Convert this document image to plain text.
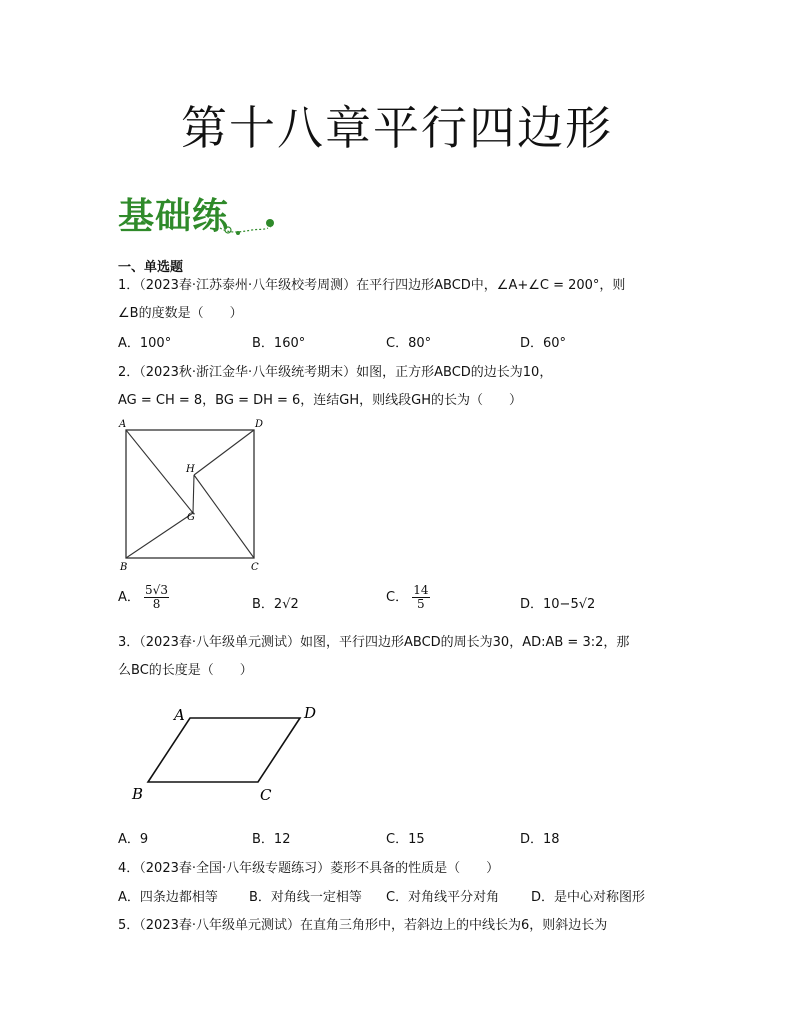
第十八章平行四边形
基础练
一、单选题
1．（2023春·江苏泰州·八年级校考周测）在平行四边形ABCD中，∠A+∠C = 200°，则
∠B的度数是（　　）
A．100°	B．160°	C．80°	D．60°
2．（2023秋·浙江金华·八年级统考期末）如图，正方形ABCD的边长为10，
AG = CH = 8，BG = DH = 6，连结GH，则线段GH的长为（　　）
A	D
H
G
B	C
A． $\frac{5√3}{8}$	B．2√2	C． $\frac{14}{5}$	D．10−5√2
3．（2023春·八年级单元测试）如图，平行四边形ABCD的周长为30，AD:AB = 3:2，那
么BC的长度是（　　）
A	D
B	C
A．9	B．12	C．15	D．18
4．（2023春·全国·八年级专题练习）菱形不具备的性质是（　　）
A．四条边都相等 B．对角线一定相等 C．对角线平分对角 D．是中心对称图形
5．（2023春·八年级单元测试）在直角三角形中，若斜边上的中线长为6，则斜边长为
